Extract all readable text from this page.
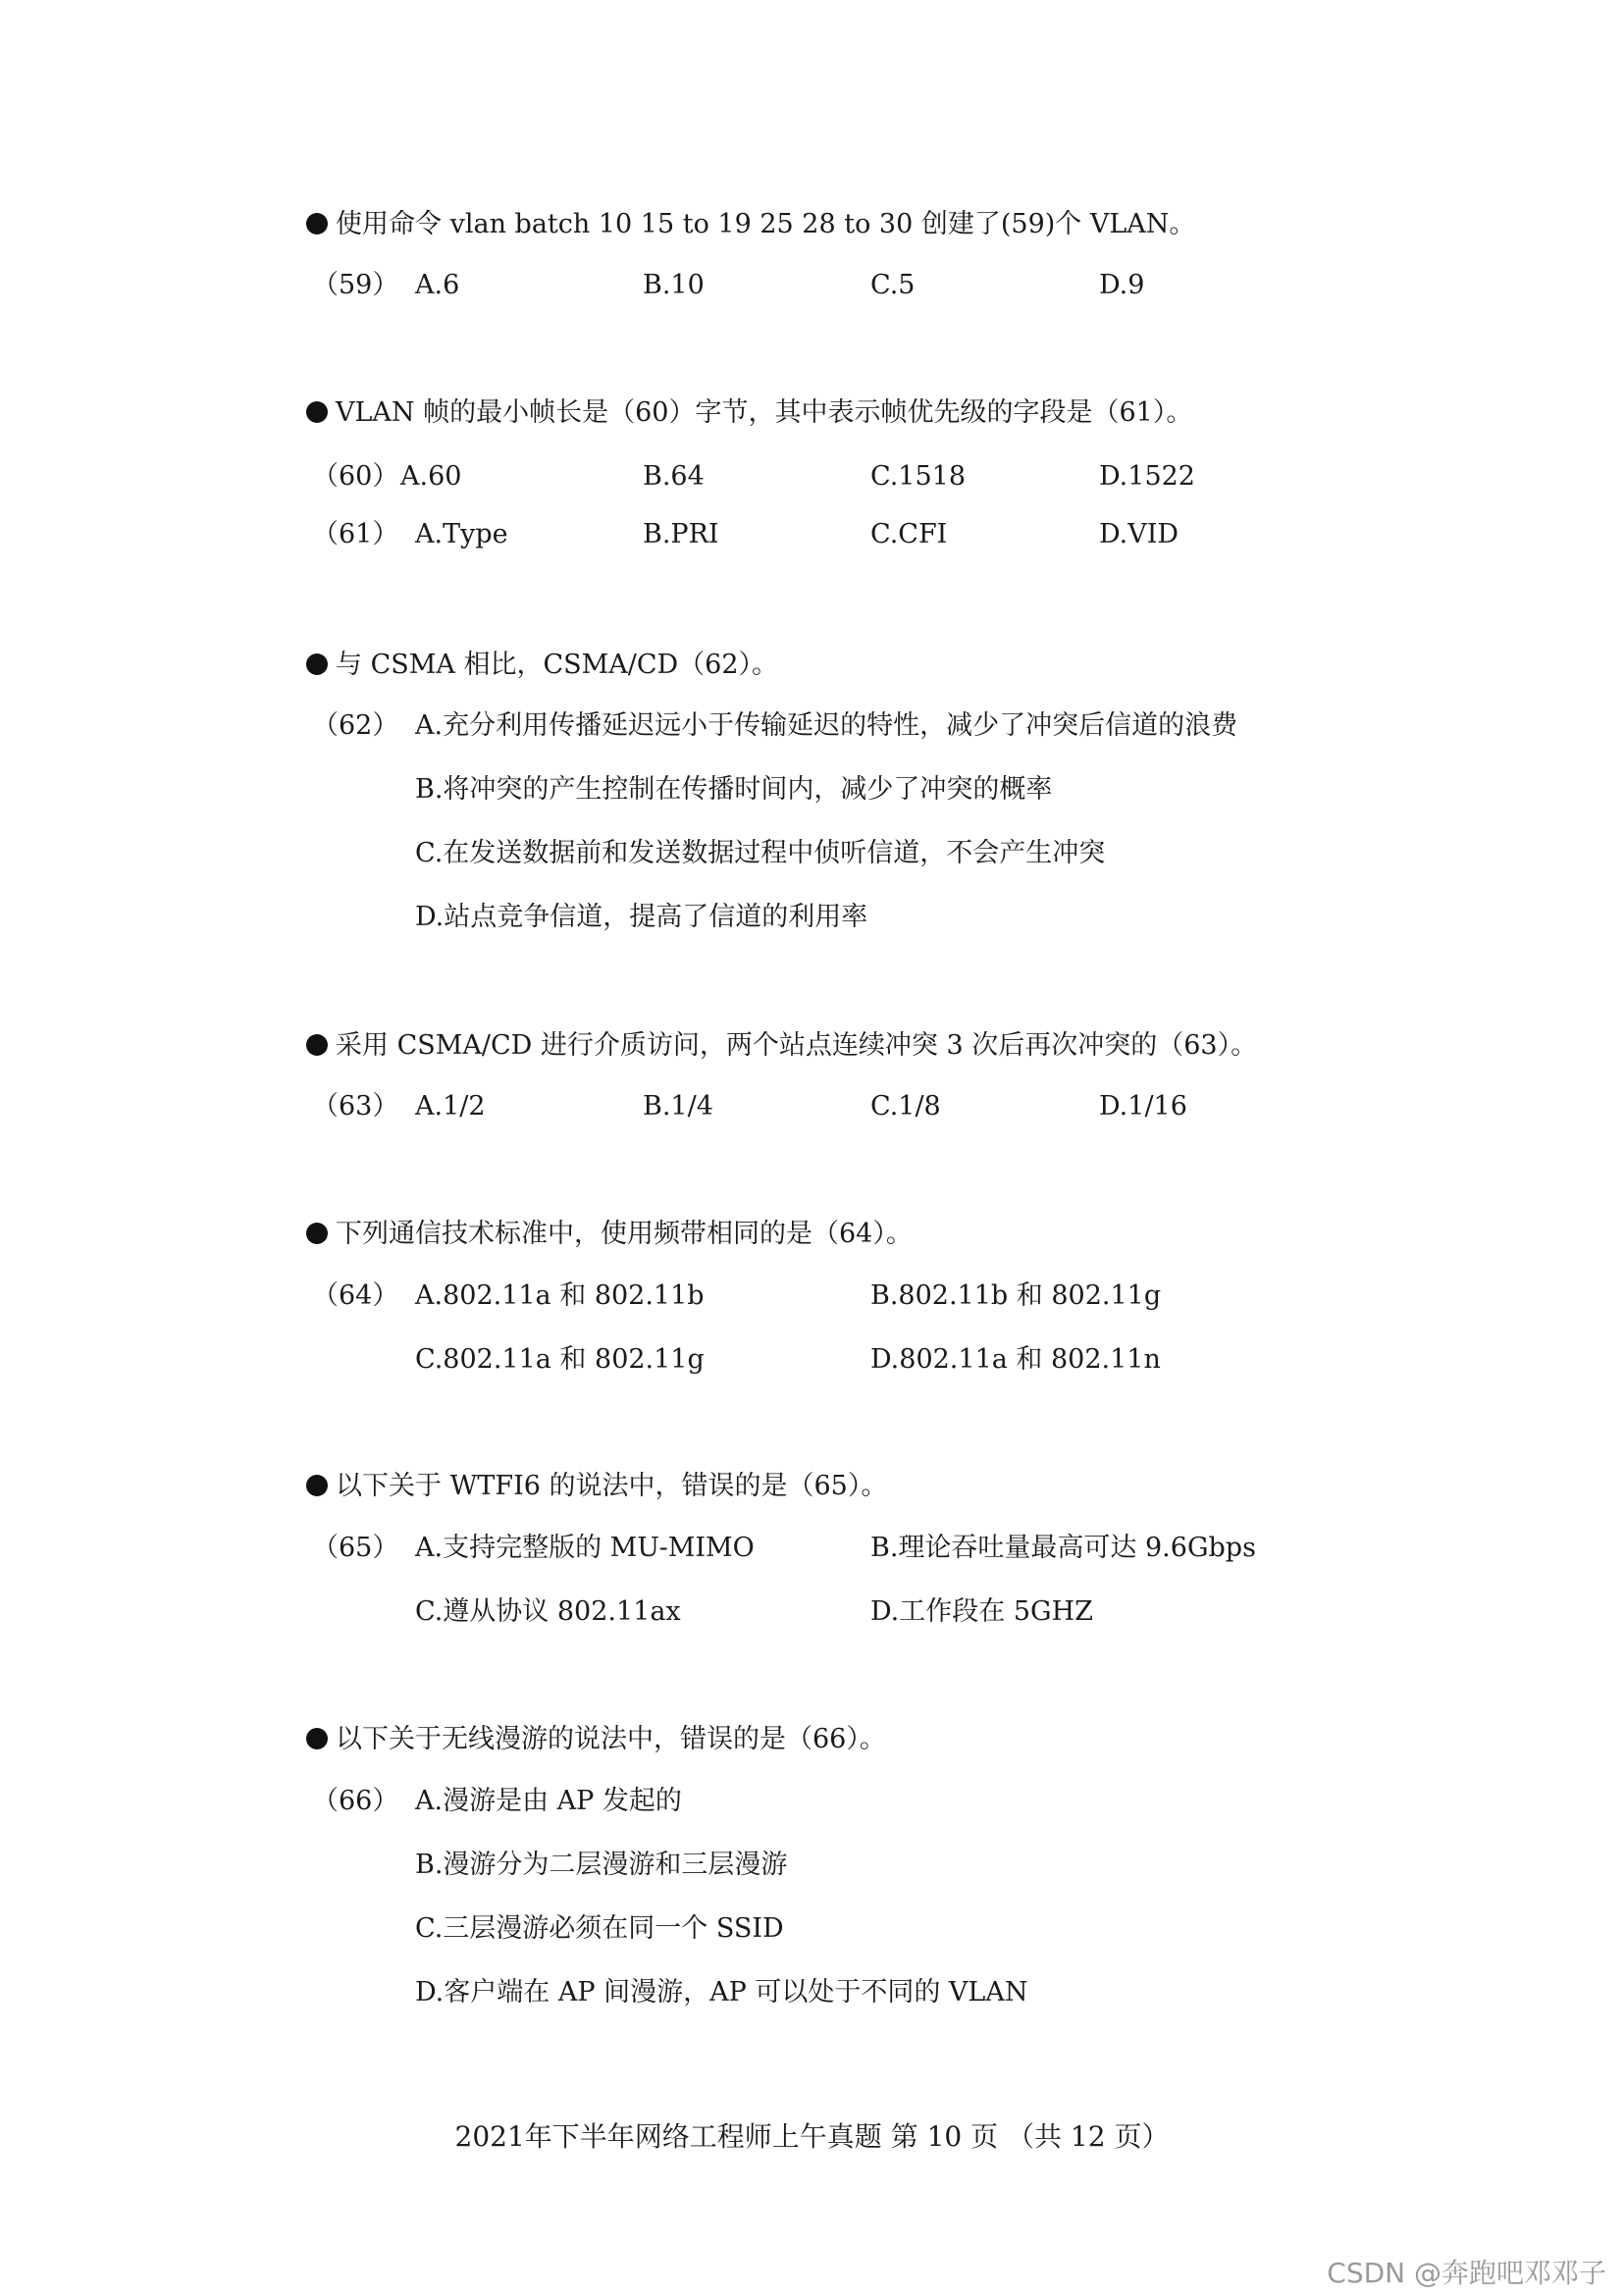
使用命令 vlan batch 10 15 to 19 25 28 to 30 创建了(59)个 VLAN。
（59） A.6	B.10	C.5	D.9
VLAN 帧的最小帧长是（60）字节，其中表示帧优先级的字段是（61）。
（60） A.60	B.64	C.1518	D.1522
（61） A.Type	B.PRI	C.CFI	D.VID
与 CSMA 相比，CSMA/CD（62）。
（62） A.充分利用传播延迟远小于传输延迟的特性，减少了冲突后信道的浪费
B.将冲突的产生控制在传播时间内，减少了冲突的概率
C.在发送数据前和发送数据过程中侦听信道，不会产生冲突
D.站点竞争信道，提高了信道的利用率
采用 CSMA/CD 进行介质访问，两个站点连续冲突 3 次后再次冲突的（63）。
（63） A.1/2	B.1/4	C.1/8	D.1/16
下列通信技术标准中，使用频带相同的是（64）。
（64） A.802.11a 和 802.11b	B.802.11b 和 802.11g
C.802.11a 和 802.11g	D.802.11a 和 802.11n
以下关于 WTFI6 的说法中，错误的是（65）。
（65） A.支持完整版的 MU-MIMO	B.理论吞吐量最高可达 9.6Gbps
C.遵从协议 802.11ax	D.工作段在 5GHZ
以下关于无线漫游的说法中，错误的是（66）。
（66） A.漫游是由 AP 发起的
B.漫游分为二层漫游和三层漫游
C.三层漫游必须在同一个 SSID
D.客户端在 AP 间漫游，AP 可以处于不同的 VLAN
2021年下半年网络工程师上午真题 第 10 页 （共 12 页）
CSDN @奔跑吧邓邓子
